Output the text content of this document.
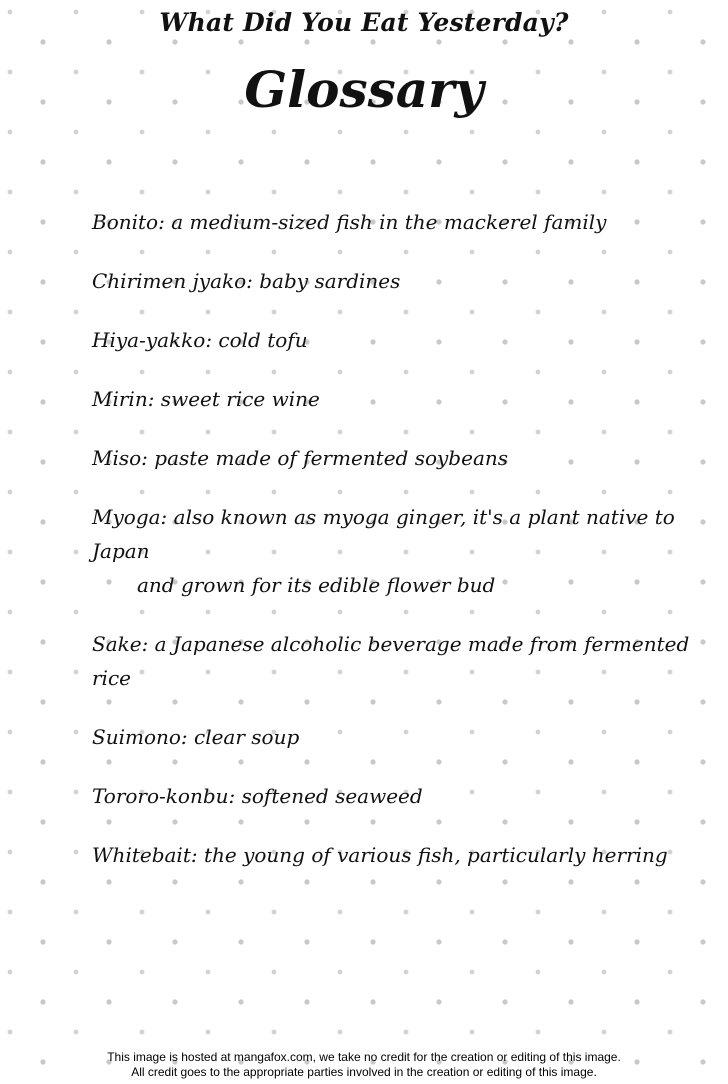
What Did You Eat Yesterday?
Glossary
Bonito: a medium-sized fish in the mackerel family
Chirimen jyako: baby sardines
Hiya-yakko: cold tofu
Mirin: sweet rice wine
Miso: paste made of fermented soybeans
Myoga: also known as myoga ginger, it's a plant native to Japan
and grown for its edible flower bud
Sake: a Japanese alcoholic beverage made from fermented rice
Suimono: clear soup
Tororo-konbu: softened seaweed
Whitebait: the young of various fish, particularly herring

This image is hosted at mangafox.com, we take no credit for the creation or editing of this image.

All credit goes to the appropriate parties involved in the creation or editing of this image.
